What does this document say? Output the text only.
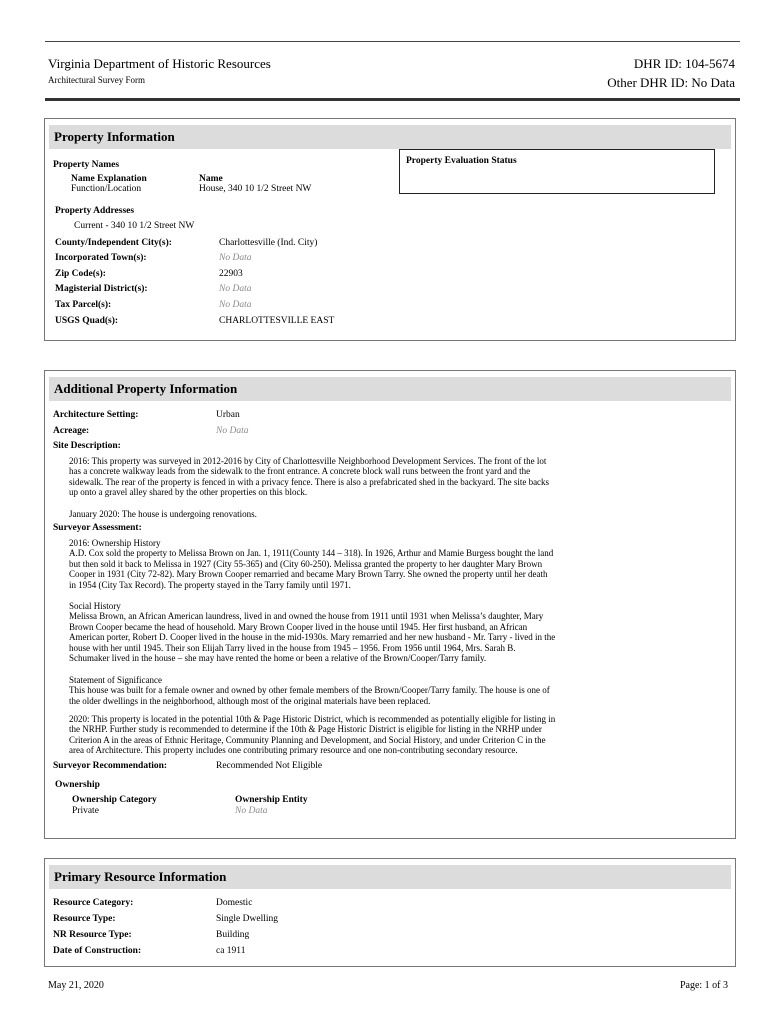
Virginia Department of Historic Resources
Architectural Survey Form
DHR ID: 104-5674
Other DHR ID: No Data
Property Information
Property Names
Name Explanation	Name
Function/Location	House, 340 10 1/2 Street NW
Property Evaluation Status
Property Addresses
Current - 340 10 1/2 Street NW
County/Independent City(s):	Charlottesville (Ind. City)
Incorporated Town(s):	No Data
Zip Code(s):	22903
Magisterial District(s):	No Data
Tax Parcel(s):	No Data
USGS Quad(s):	CHARLOTTESVILLE EAST
Additional Property Information
Architecture Setting:	Urban
Acreage:	No Data
Site Description:
2016: This property was surveyed in 2012-2016 by City of Charlottesville Neighborhood Development Services. The front of the lot
has a concrete walkway leads from the sidewalk to the front entrance. A concrete block wall runs between the front yard and the
sidewalk. The rear of the property is fenced in with a privacy fence. There is also a prefabricated shed in the backyard. The site backs
up onto a gravel alley shared by the other properties on this block.
January 2020: The house is undergoing renovations.
Surveyor Assessment:
2016: Ownership History
A.D. Cox sold the property to Melissa Brown on Jan. 1, 1911(County 144 – 318). In 1926, Arthur and Mamie Burgess bought the land
but then sold it back to Melissa in 1927 (City 55-365) and (City 60-250). Melissa granted the property to her daughter Mary Brown
Cooper in 1931 (City 72-82). Mary Brown Cooper remarried and became Mary Brown Tarry. She owned the property until her death
in 1954 (City Tax Record). The property stayed in the Tarry family until 1971.
Social History
Melissa Brown, an African American laundress, lived in and owned the house from 1911 until 1931 when Melissa’s daughter, Mary
Brown Cooper became the head of household. Mary Brown Cooper lived in the house until 1945. Her first husband, an African
American porter, Robert D. Cooper lived in the house in the mid-1930s. Mary remarried and her new husband - Mr. Tarry - lived in the
house with her until 1945. Their son Elijah Tarry lived in the house from 1945 – 1956. From 1956 until 1964, Mrs. Sarah B.
Schumaker lived in the house – she may have rented the home or been a relative of the Brown/Cooper/Tarry family.
Statement of Significance
This house was built for a female owner and owned by other female members of the Brown/Cooper/Tarry family. The house is one of
the older dwellings in the neighborhood, although most of the original materials have been replaced.
2020: This property is located in the potential 10th & Page Historic District, which is recommended as potentially eligible for listing in
the NRHP. Further study is recommended to determine if the 10th & Page Historic District is eligible for listing in the NRHP under
Criterion A in the areas of Ethnic Heritage, Community Planning and Development, and Social History, and under Criterion C in the
area of Architecture. This property includes one contributing primary resource and one non-contributing secondary resource.
Surveyor Recommendation:	Recommended Not Eligible
Ownership
Ownership Category	Ownership Entity
Private	No Data
Primary Resource Information
Resource Category:	Domestic
Resource Type:	Single Dwelling
NR Resource Type:	Building
Date of Construction:	ca 1911
May 21, 2020	Page: 1 of 3
